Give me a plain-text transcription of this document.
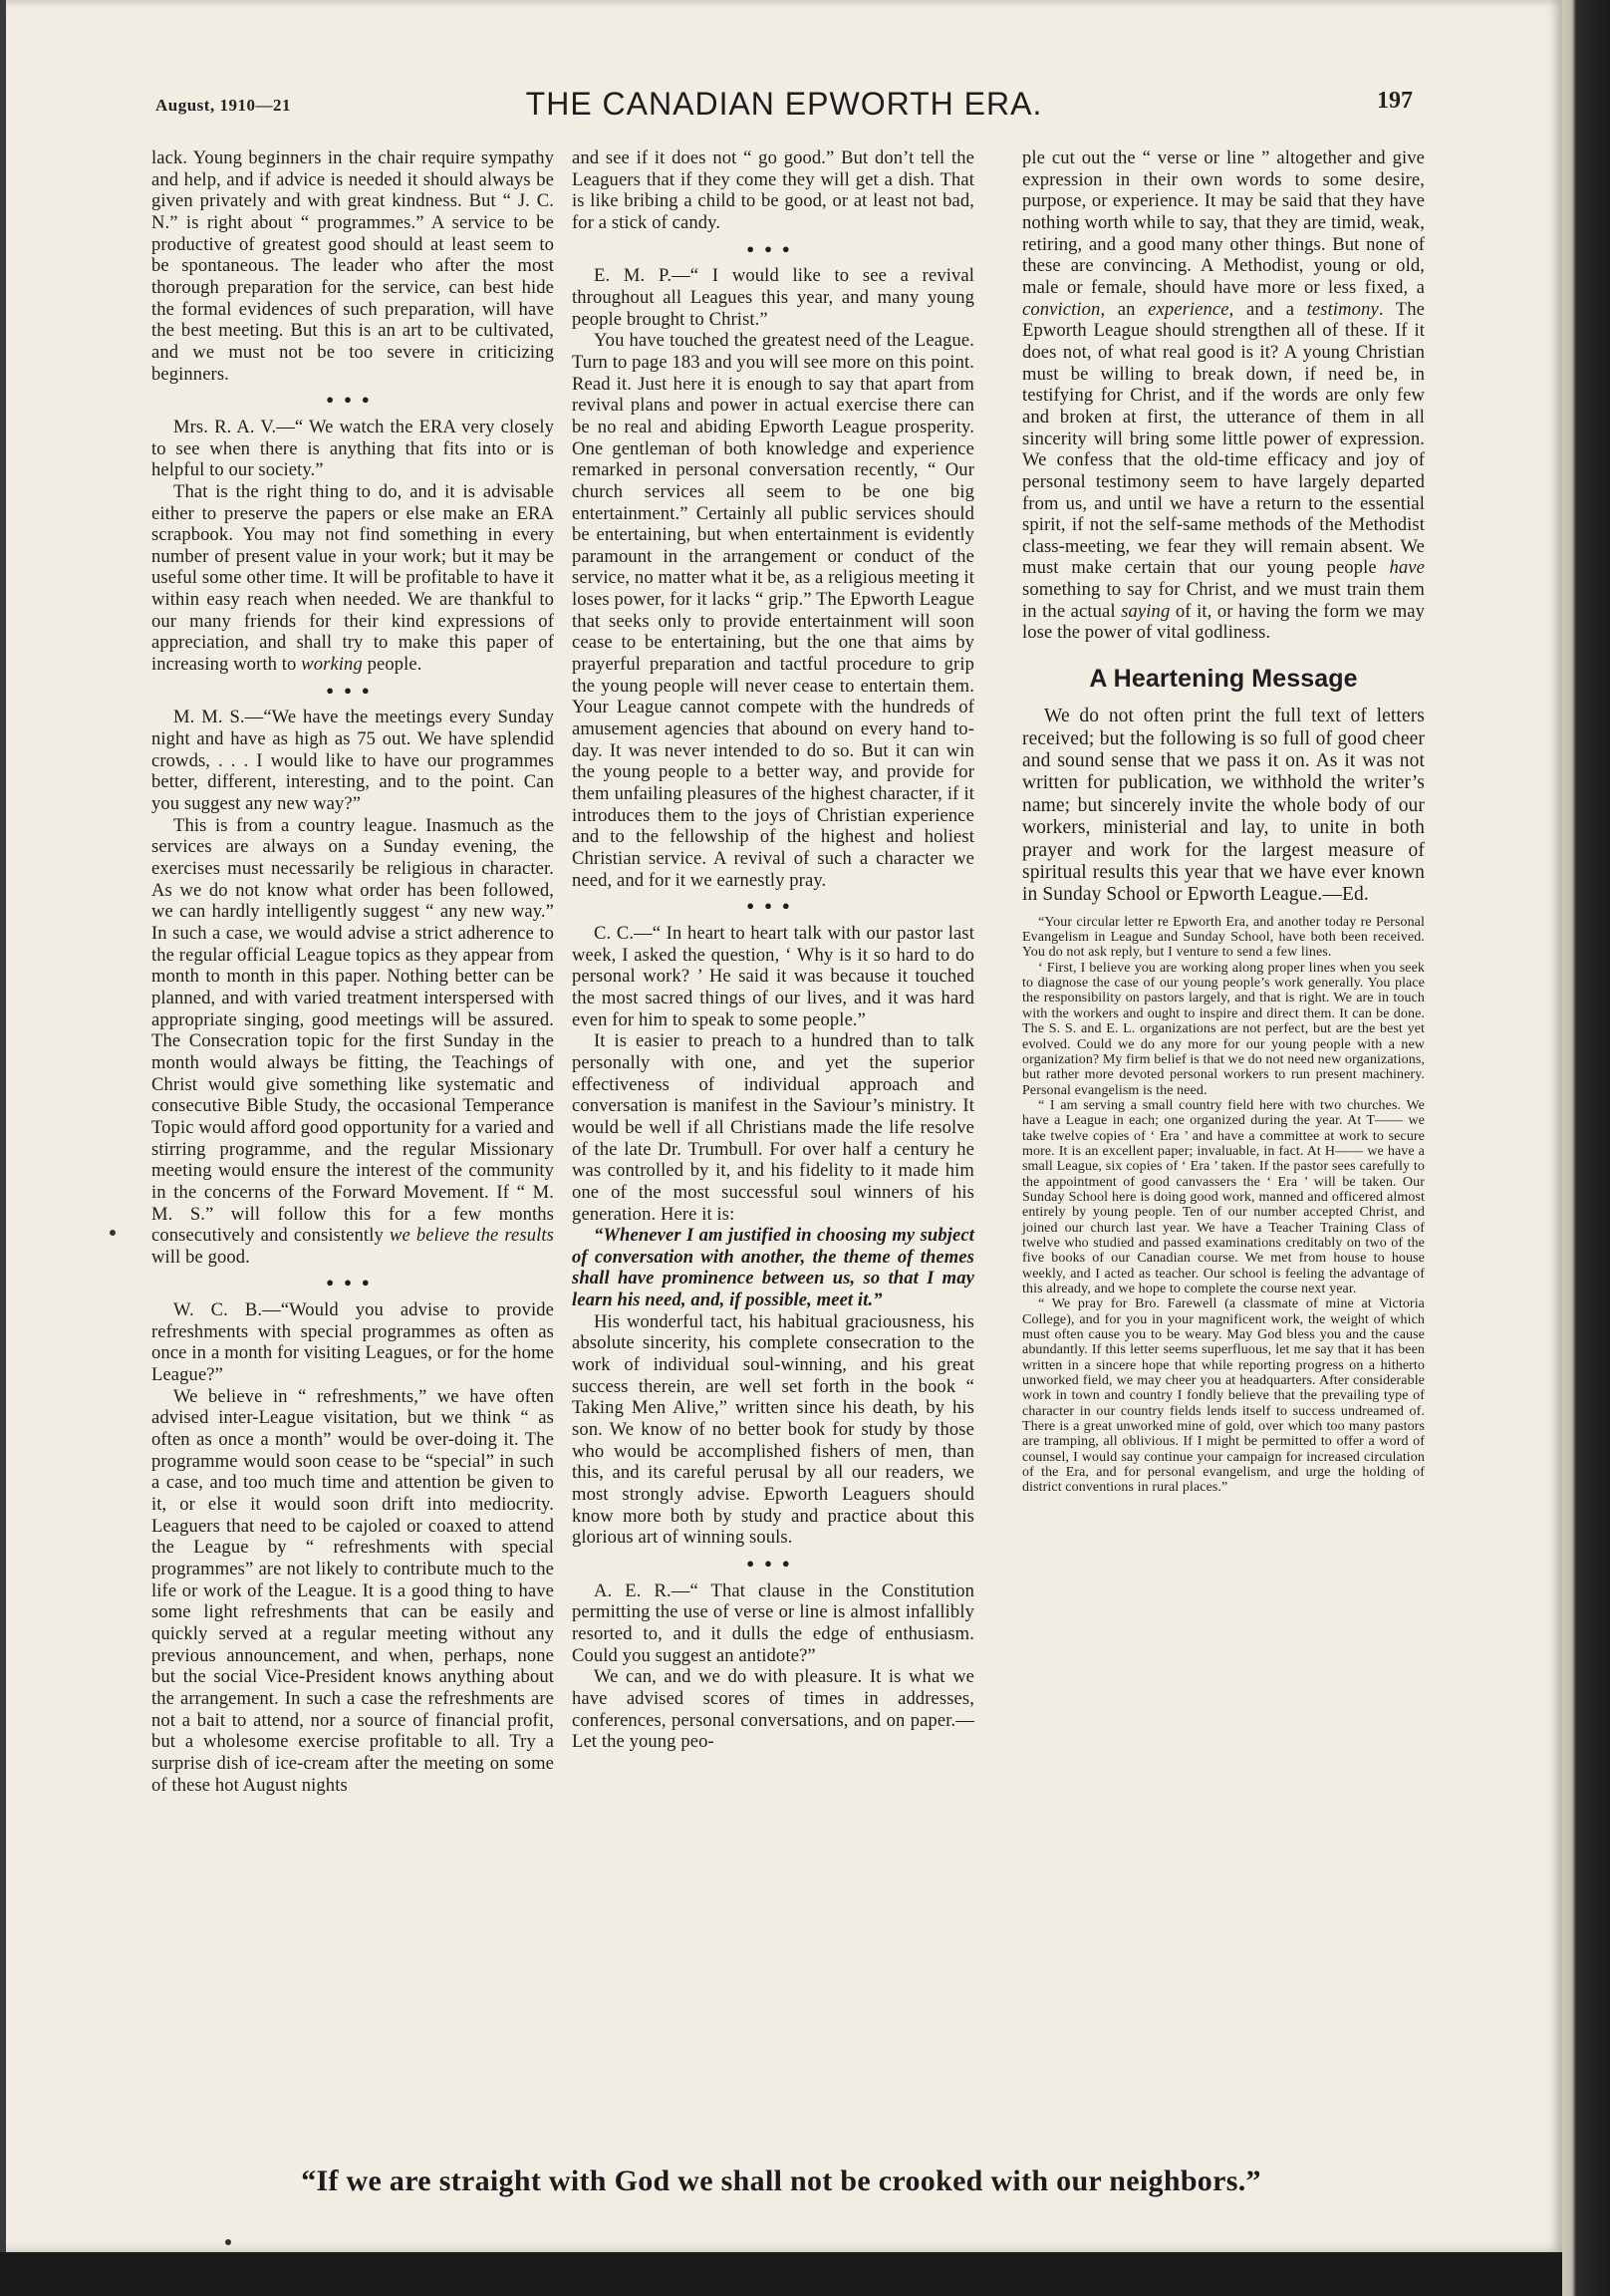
August, 1910—21	THE CANADIAN EPWORTH ERA.	197

lack. Young beginners in the chair require sympathy and help, and if advice is needed it should always be given privately and with great kindness. But “ J. C. N.” is right about “ programmes.” A service to be productive of greatest good should at least seem to be spontaneous. The leader who after the most thorough preparation for the service, can best hide the formal evidences of such preparation, will have the best meeting. But this is an art to be cultivated, and we must not be too severe in criticizing beginners.

●●●

Mrs. R. A. V.—“ We watch the ERA very closely to see when there is anything that fits into or is helpful to our society.”

That is the right thing to do, and it is advisable either to preserve the papers or else make an ERA scrapbook. You may not find something in every number of present value in your work; but it may be useful some other time. It will be profitable to have it within easy reach when needed. We are thankful to our many friends for their kind expressions of appreciation, and shall try to make this paper of increasing worth to working people.

●●●

M. M. S.—“We have the meetings every Sunday night and have as high as 75 out. We have splendid crowds, . . . I would like to have our programmes better, different, interesting, and to the point. Can you suggest any new way?”

This is from a country league. Inasmuch as the services are always on a Sunday evening, the exercises must necessarily be religious in character. As we do not know what order has been followed, we can hardly intelligently suggest “ any new way.” In such a case, we would advise a strict adherence to the regular official League topics as they appear from month to month in this paper. Nothing better can be planned, and with varied treatment interspersed with appropriate singing, good meetings will be assured. The Consecration topic for the first Sunday in the month would always be fitting, the Teachings of Christ would give something like systematic and consecutive Bible Study, the occasional Temperance Topic would afford good opportunity for a varied and stirring programme, and the regular Missionary meeting would ensure the interest of the community in the concerns of the Forward Movement. If “ M. M. S.” will follow this for a few months consecutively and consistently we believe the results will be good.

●●●

W. C. B.—“Would you advise to provide refreshments with special programmes as often as once in a month for visiting Leagues, or for the home League?”

We believe in “ refreshments,” we have often advised inter-League visitation, but we think “ as often as once a month” would be over-doing it. The programme would soon cease to be “special” in such a case, and too much time and attention be given to it, or else it would soon drift into mediocrity. Leaguers that need to be cajoled or coaxed to attend the League by “ refreshments with special programmes” are not likely to contribute much to the life or work of the League. It is a good thing to have some light refreshments that can be easily and quickly served at a regular meeting without any previous announcement, and when, perhaps, none but the social Vice-President knows anything about the arrangement. In such a case the refreshments are not a bait to attend, nor a source of financial profit, but a wholesome exercise profitable to all. Try a surprise dish of ice-cream after the meeting on some of these hot August nights

and see if it does not “ go good.” But don’t tell the Leaguers that if they come they will get a dish. That is like bribing a child to be good, or at least not bad, for a stick of candy.

●●●

E. M. P.—“ I would like to see a revival throughout all Leagues this year, and many young people brought to Christ.”

You have touched the greatest need of the League. Turn to page 183 and you will see more on this point. Read it. Just here it is enough to say that apart from revival plans and power in actual exercise there can be no real and abiding Epworth League prosperity. One gentleman of both knowledge and experience remarked in personal conversation recently, “ Our church services all seem to be one big entertainment.” Certainly all public services should be entertaining, but when entertainment is evidently paramount in the arrangement or conduct of the service, no matter what it be, as a religious meeting it loses power, for it lacks “ grip.” The Epworth League that seeks only to provide entertainment will soon cease to be entertaining, but the one that aims by prayerful preparation and tactful procedure to grip the young people will never cease to entertain them. Your League cannot compete with the hundreds of amusement agencies that abound on every hand to-day. It was never intended to do so. But it can win the young people to a better way, and provide for them unfailing pleasures of the highest character, if it introduces them to the joys of Christian experience and to the fellowship of the highest and holiest Christian service. A revival of such a character we need, and for it we earnestly pray.

●●●

C. C.—“ In heart to heart talk with our pastor last week, I asked the question, ‘ Why is it so hard to do personal work? ’ He said it was because it touched the most sacred things of our lives, and it was hard even for him to speak to some people.”

It is easier to preach to a hundred than to talk personally with one, and yet the superior effectiveness of individual approach and conversation is manifest in the Saviour’s ministry. It would be well if all Christians made the life resolve of the late Dr. Trumbull. For over half a century he was controlled by it, and his fidelity to it made him one of the most successful soul winners of his generation. Here it is:

“Whenever I am justified in choosing my subject of conversation with another, the theme of themes shall have prominence between us, so that I may learn his need, and, if possible, meet it.”

His wonderful tact, his habitual graciousness, his absolute sincerity, his complete consecration to the work of individual soul-winning, and his great success therein, are well set forth in the book “ Taking Men Alive,” written since his death, by his son. We know of no better book for study by those who would be accomplished fishers of men, than this, and its careful perusal by all our readers, we most strongly advise. Epworth Leaguers should know more both by study and practice about this glorious art of winning souls.

●●●

A. E. R.—“ That clause in the Constitution permitting the use of verse or line is almost infallibly resorted to, and it dulls the edge of enthusiasm. Could you suggest an antidote?”

We can, and we do with pleasure. It is what we have advised scores of times in addresses, conferences, personal conversations, and on paper.—Let the young peo-

ple cut out the “ verse or line ” altogether and give expression in their own words to some desire, purpose, or experience. It may be said that they have nothing worth while to say, that they are timid, weak, retiring, and a good many other things. But none of these are convincing. A Methodist, young or old, male or female, should have more or less fixed, a conviction, an experience, and a testimony. The Epworth League should strengthen all of these. If it does not, of what real good is it? A young Christian must be willing to break down, if need be, in testifying for Christ, and if the words are only few and broken at first, the utterance of them in all sincerity will bring some little power of expression. We confess that the old-time efficacy and joy of personal testimony seem to have largely departed from us, and until we have a return to the essential spirit, if not the self-same methods of the Methodist class-meeting, we fear they will remain absent. We must make certain that our young people have something to say for Christ, and we must train them in the actual saying of it, or having the form we may lose the power of vital godliness.

A Heartening Message

We do not often print the full text of letters received; but the following is so full of good cheer and sound sense that we pass it on. As it was not written for publication, we withhold the writer’s name; but sincerely invite the whole body of our workers, ministerial and lay, to unite in both prayer and work for the largest measure of spiritual results this year that we have ever known in Sunday School or Epworth League.—Ed.

“Your circular letter re Epworth Era, and another today re Personal Evangelism in League and Sunday School, have both been received. You do not ask reply, but I venture to send a few lines.

‘ First, I believe you are working along proper lines when you seek to diagnose the case of our young people’s work generally. You place the responsibility on pastors largely, and that is right. We are in touch with the workers and ought to inspire and direct them. It can be done. The S. S. and E. L. organizations are not perfect, but are the best yet evolved. Could we do any more for our young people with a new organization? My firm belief is that we do not need new organizations, but rather more devoted personal workers to run present machinery. Personal evangelism is the need.

“ I am serving a small country field here with two churches. We have a League in each; one organized during the year. At T—— we take twelve copies of ‘ Era ’ and have a committee at work to secure more. It is an excellent paper; invaluable, in fact. At H—— we have a small League, six copies of ‘ Era ’ taken. If the pastor sees carefully to the appointment of good canvassers the ‘ Era ’ will be taken. Our Sunday School here is doing good work, manned and officered almost entirely by young people. Ten of our number accepted Christ, and joined our church last year. We have a Teacher Training Class of twelve who studied and passed examinations creditably on two of the five books of our Canadian course. We met from house to house weekly, and I acted as teacher. Our school is feeling the advantage of this already, and we hope to complete the course next year.

“ We pray for Bro. Farewell (a classmate of mine at Victoria College), and for you in your magnificent work, the weight of which must often cause you to be weary. May God bless you and the cause abundantly. If this letter seems superfluous, let me say that it has been written in a sincere hope that while reporting progress on a hitherto unworked field, we may cheer you at headquarters. After considerable work in town and country I fondly believe that the prevailing type of character in our country fields lends itself to success undreamed of. There is a great unworked mine of gold, over which too many pastors are tramping, all oblivious. If I might be permitted to offer a word of counsel, I would say continue your campaign for increased circulation of the Era, and for personal evangelism, and urge the holding of district conventions in rural places.”

“If we are straight with God we shall not be crooked with our neighbors.”
